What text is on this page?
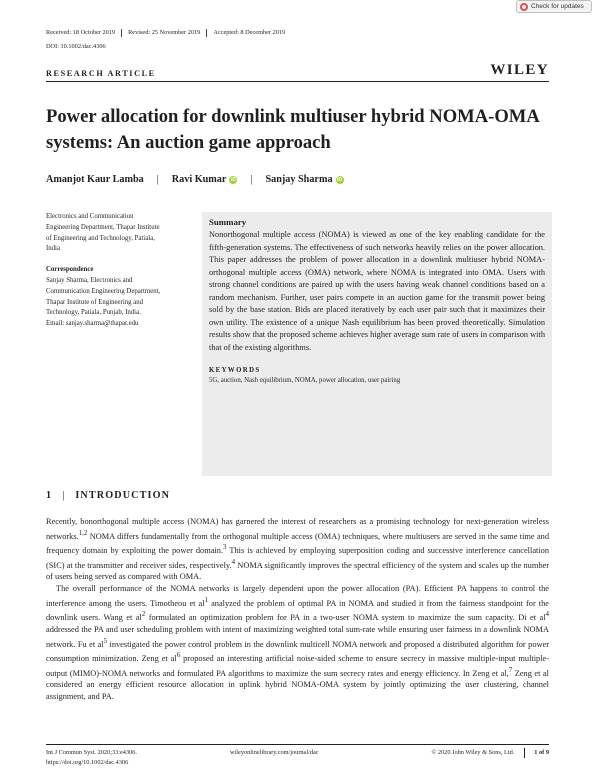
Check for updates
Received: 18 October 2019	Revised: 25 November 2019	Accepted: 8 December 2019
DOI: 10.1002/dac.4306
RESEARCH ARTICLE	WILEY
Power allocation for downlink multiuser hybrid NOMA-OMA systems: An auction game approach
Amanjot Kaur Lamba | Ravi Kumar iD | Sanjay Sharma iD
Electronics and Communication
Engineering Department, Thapar Institute
of Engineering and Technology, Patiala,
India
Correspondence
Sanjay Sharma, Electronics and
Communication Engineering Department,
Thapar Institute of Engineering and
Technology, Patiala, Punjab, India.
Email: sanjay.sharma@thapar.edu
Summary
Nonorthogonal multiple access (NOMA) is viewed as one of the key enabling candidate for the fifth-generation systems. The effectiveness of such networks heavily relies on the power allocation. This paper addresses the problem of power allocation in a downlink multiuser hybrid NOMA-orthogonal multiple access (OMA) network, where NOMA is integrated into OMA. Users with strong channel conditions are paired up with the users having weak channel conditions based on a random mechanism. Further, user pairs compete in an auction game for the transmit power being sold by the base station. Bids are placed iteratively by each user pair such that it maximizes their own utility. The existence of a unique Nash equilibrium has been proved theoretically. Simulation results show that the proposed scheme achieves higher average sum rate of users in comparison with that of the existing algorithms.
KEYWORDS
5G, auction, Nash equilibrium, NOMA, power allocation, user pairing
1 | INTRODUCTION

Recently, bonorthogonal multiple access (NOMA) has garnered the interest of researchers as a promising technology for next-generation wireless networks.$^{1,2}$ NOMA differs fundamentally from the orthogonal multiple access (OMA) techniques, where multiusers are served in the same time and frequency domain by exploiting the power domain.$^3$ This is achieved by employing superposition coding and successive interference cancellation (SIC) at the transmitter and receiver sides, respectively.$^4$ NOMA significantly improves the spectral efficiency of the system and scales up the number of users being served as compared with OMA.

The overall performance of the NOMA networks is largely dependent upon the power allocation (PA). Efficient PA happens to control the interference among the users. Timotheou et $al^1$ analyzed the problem of optimal PA in NOMA and studied it from the fairness standpoint for the downlink users. Wang et $al^2$ formulated an optimization problem for PA in a two-user NOMA system to maximize the sum capacity. Di et $al^4$ addressed the PA and user scheduling problem with intent of maximizing weighted total sum-rate while ensuring user fairness in a downlink NOMA network. Fu et $al^5$ investigated the power control problem in the downlink multicell NOMA network and proposed a distributed algorithm for power consumption minimization. Zeng et $al^6$ proposed an interesting artificial noise-aided scheme to ensure secrecy in massive multiple-input multiple-output (MIMO)-NOMA networks and formulated PA algorithms to maximize the sum secrecy rates and energy efficiency. In Zeng et al,$^7$ Zeng et al considered an energy efficient resource allocation in uplink hybrid NOMA-OMA system by jointly optimizing the user clustering, channel assignment, and PA.

Int J Commun Syst. 2020;33:e4306.
https://doi.org/10.1002/dac.4306
wileyonlinelibrary.com/journal/dac	© 2020 John Wiley & Sons, Ltd.	1 of 9
